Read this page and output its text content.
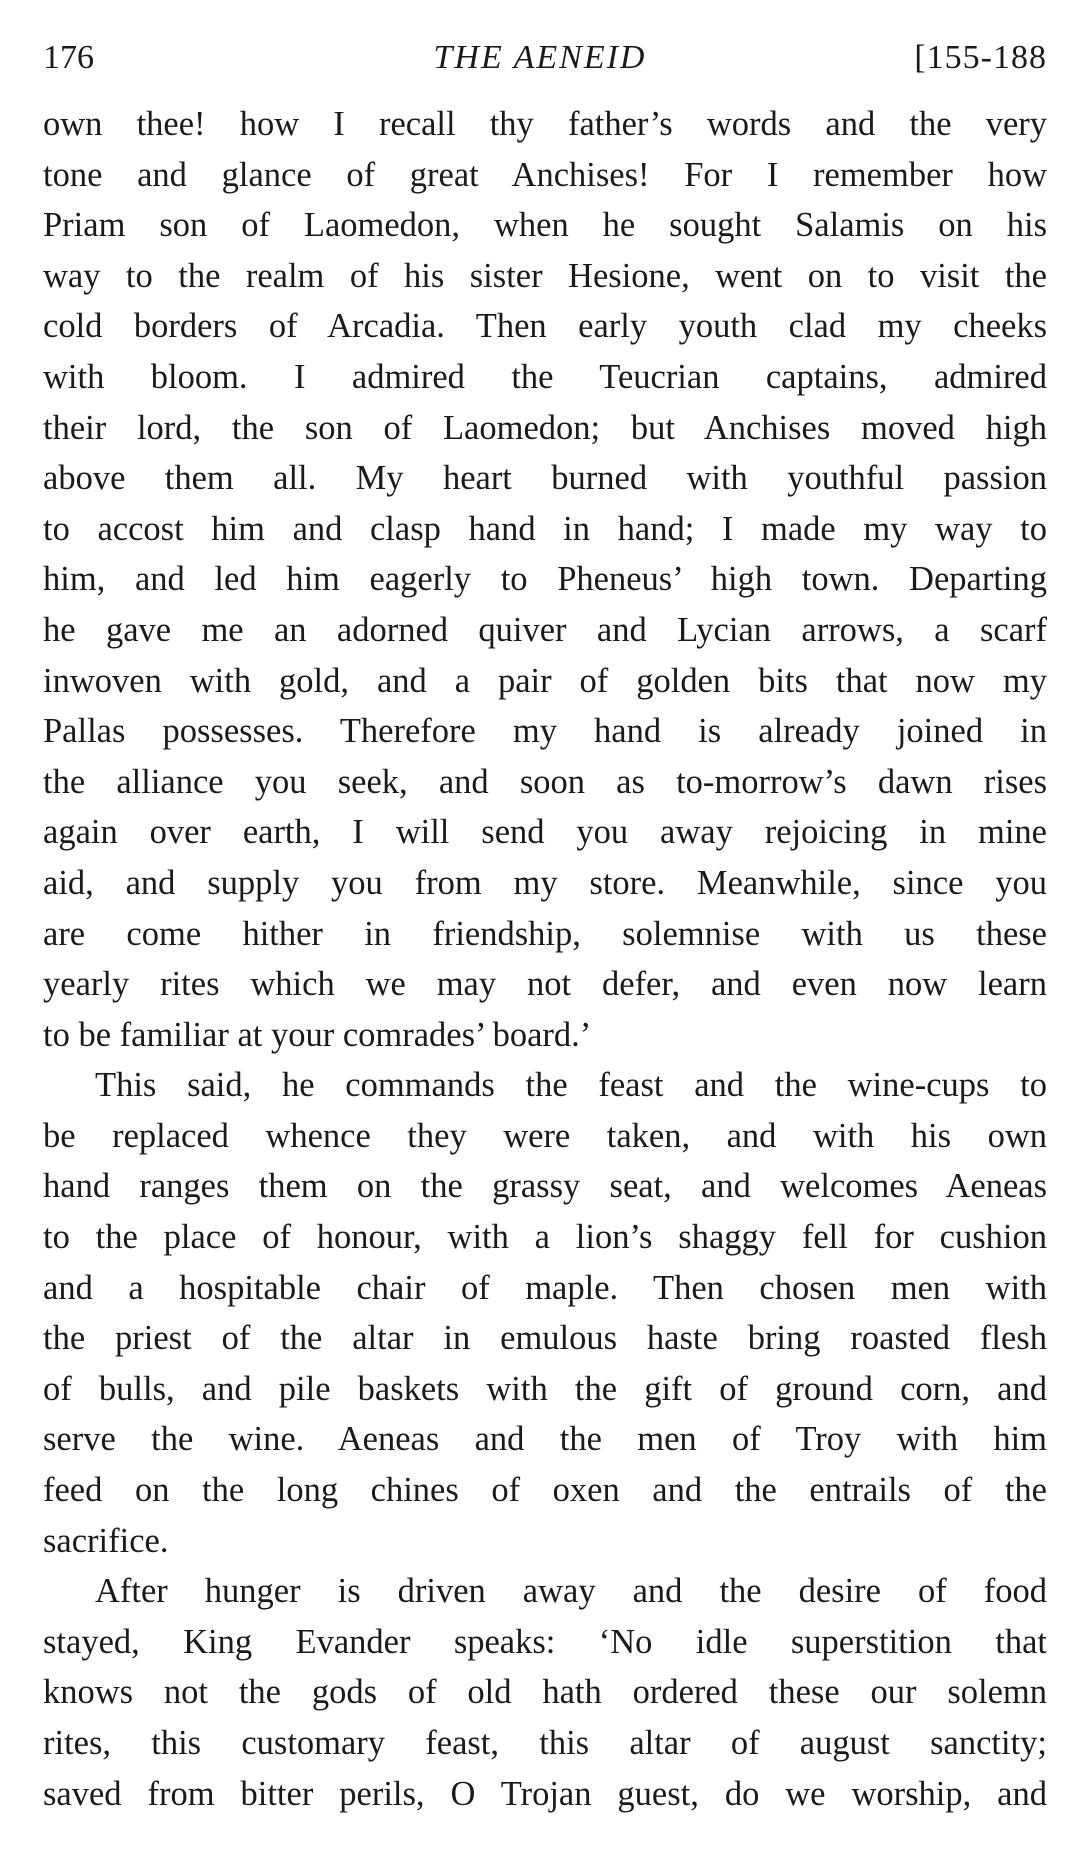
176	THE AENEID	[155-188
own thee! how I recall thy father’s words and the very
tone and glance of great Anchises! For I remember how
Priam son of Laomedon, when he sought Salamis on his
way to the realm of his sister Hesione, went on to visit the
cold borders of Arcadia. Then early youth clad my cheeks
with bloom. I admired the Teucrian captains, admired
their lord, the son of Laomedon; but Anchises moved high
above them all. My heart burned with youthful passion
to accost him and clasp hand in hand; I made my way to
him, and led him eagerly to Pheneus’ high town. Departing
he gave me an adorned quiver and Lycian arrows, a scarf
inwoven with gold, and a pair of golden bits that now my
Pallas possesses. Therefore my hand is already joined in
the alliance you seek, and soon as to-morrow’s dawn rises
again over earth, I will send you away rejoicing in mine
aid, and supply you from my store. Meanwhile, since you
are come hither in friendship, solemnise with us these
yearly rites which we may not defer, and even now learn
to be familiar at your comrades’ board.’
This said, he commands the feast and the wine-cups to
be replaced whence they were taken, and with his own
hand ranges them on the grassy seat, and welcomes Aeneas
to the place of honour, with a lion’s shaggy fell for cushion
and a hospitable chair of maple. Then chosen men with
the priest of the altar in emulous haste bring roasted flesh
of bulls, and pile baskets with the gift of ground corn, and
serve the wine. Aeneas and the men of Troy with him
feed on the long chines of oxen and the entrails of the
sacrifice.
After hunger is driven away and the desire of food
stayed, King Evander speaks: ‘No idle superstition that
knows not the gods of old hath ordered these our solemn
rites, this customary feast, this altar of august sanctity;
saved from bitter perils, O Trojan guest, do we worship, and
